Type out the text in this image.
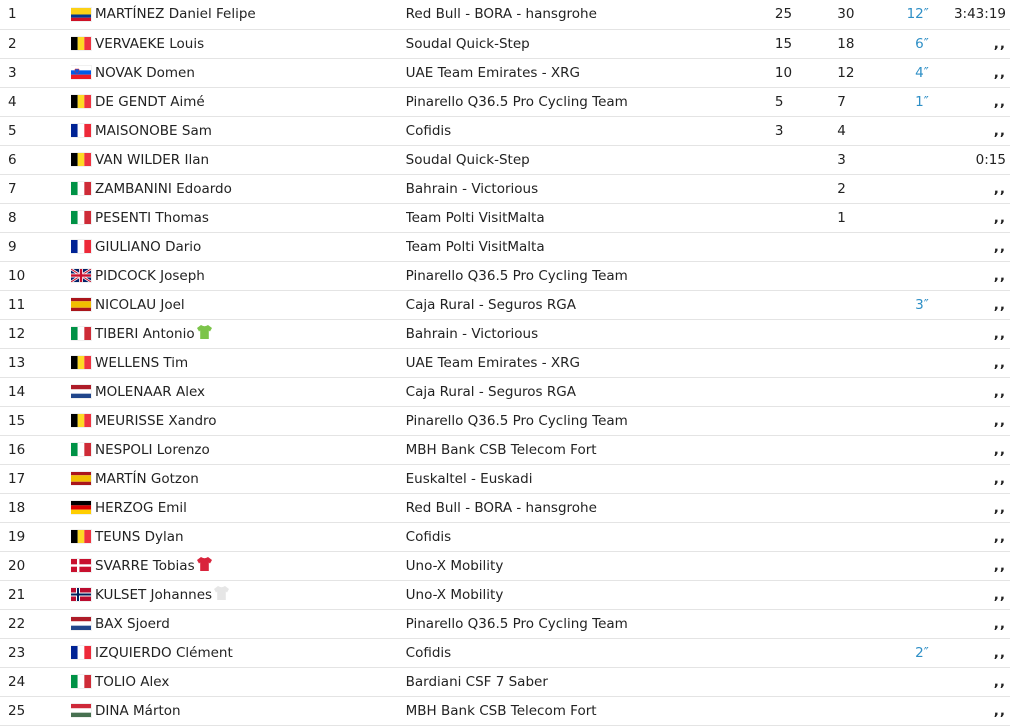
1		MARTÍNEZ Daniel Felipe	Red Bull - BORA - hansgrohe	25	30	12″	3:43:19
2		VERVAEKE Louis	Soudal Quick-Step	15	18	6″	,,
3		NOVAK Domen	UAE Team Emirates - XRG	10	12	4″	,,
4		DE GENDT Aimé	Pinarello Q36.5 Pro Cycling Team	5	7	1″	,,
5		MAISONOBE Sam	Cofidis	3	4		,,
6		VAN WILDER Ilan	Soudal Quick-Step		3		0:15
7		ZAMBANINI Edoardo	Bahrain - Victorious		2		,,
8		PESENTI Thomas	Team Polti VisitMalta		1		,,
9		GIULIANO Dario	Team Polti VisitMalta				,,
10		PIDCOCK Joseph	Pinarello Q36.5 Pro Cycling Team				,,
11		NICOLAU Joel	Caja Rural - Seguros RGA			3″	,,
12		TIBERI Antonio	Bahrain - Victorious				,,
13		WELLENS Tim	UAE Team Emirates - XRG				,,
14		MOLENAAR Alex	Caja Rural - Seguros RGA				,,
15		MEURISSE Xandro	Pinarello Q36.5 Pro Cycling Team				,,
16		NESPOLI Lorenzo	MBH Bank CSB Telecom Fort				,,
17		MARTÍN Gotzon	Euskaltel - Euskadi				,,
18		HERZOG Emil	Red Bull - BORA - hansgrohe				,,
19		TEUNS Dylan	Cofidis				,,
20		SVARRE Tobias	Uno-X Mobility				,,
21		KULSET Johannes	Uno-X Mobility				,,
22		BAX Sjoerd	Pinarello Q36.5 Pro Cycling Team				,,
23		IZQUIERDO Clément	Cofidis			2″	,,
24		TOLIO Alex	Bardiani CSF 7 Saber				,,
25		DINA Márton	MBH Bank CSB Telecom Fort				,,
